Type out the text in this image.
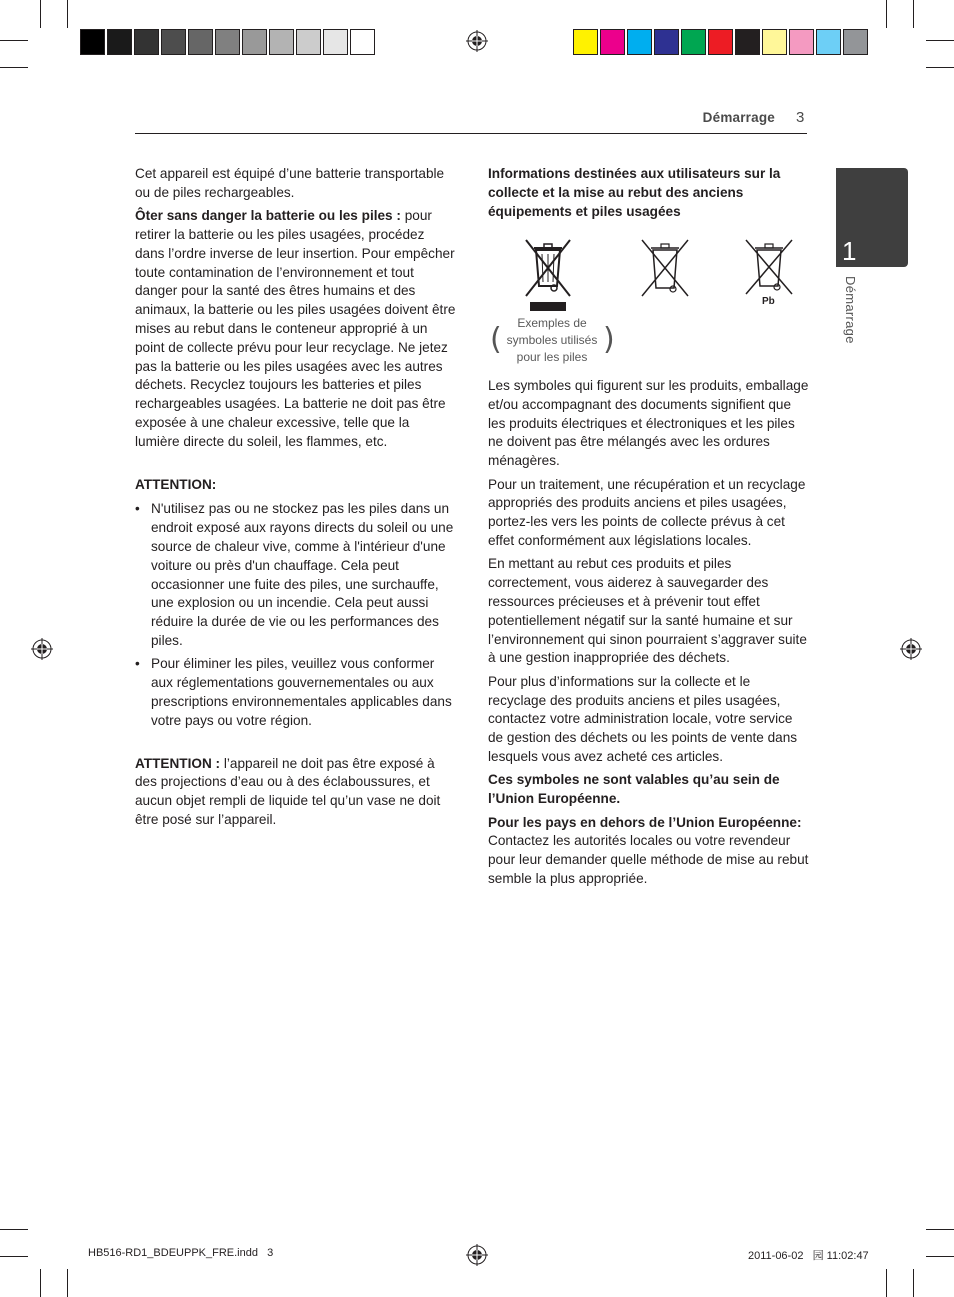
Démarrage 3
1
Démarrage

Cet appareil est équipé d’une batterie transportable ou de piles rechargeables.

Ôter sans danger la batterie ou les piles : pour retirer la batterie ou les piles usagées, procédez dans l’ordre inverse de leur insertion. Pour empêcher toute contamination de l’environnement et tout danger pour la santé des êtres humains et des animaux, la batterie ou les piles usagées doivent être mises au rebut dans le conteneur approprié à un point de collecte prévu pour leur recyclage. Ne jetez pas la batterie ou les piles usagées avec les autres déchets. Recyclez toujours les batteries et piles rechargeables usagées. La batterie ne doit pas être exposée à une chaleur excessive, telle que la lumière directe du soleil, les flammes, etc.

ATTENTION:

• N'utilisez pas ou ne stockez pas les piles dans un endroit exposé aux rayons directs du soleil ou une source de chaleur vive, comme à l'intérieur d'une voiture ou près d'un chauffage. Cela peut occasionner une fuite des piles, une surchauffe, une explosion ou un incendie. Cela peut aussi réduire la durée de vie ou les performances des piles.
• Pour éliminer les piles, veuillez vous conformer aux réglementations gouvernementales ou aux prescriptions environnementales applicables dans votre pays ou votre région.

ATTENTION : l’appareil ne doit pas être exposé à des projections d’eau ou à des éclaboussures, et aucun objet rempli de liquide tel qu’un vase ne doit être posé sur l’appareil.

Informations destinées aux utilisateurs sur la collecte et la mise au rebut des anciens équipements et piles usagées

Pb
(	Exemples de symboles utilisés pour les piles )

Les symboles qui figurent sur les produits, emballage et/ou accompagnant des documents signifient que les produits électriques et électroniques et les piles ne doivent pas être mélangés avec les ordures ménagères.

Pour un traitement, une récupération et un recyclage appropriés des produits anciens et piles usagées, portez-les vers les points de collecte prévus à cet effet conformément aux législations locales.

En mettant au rebut ces produits et piles correctement, vous aiderez à sauvegarder des ressources précieuses et à prévenir tout effet potentiellement négatif sur la santé humaine et sur l’environnement qui sinon pourraient s’aggraver suite à une gestion inappropriée des déchets.

Pour plus d’informations sur la collecte et le recyclage des produits anciens et piles usagées, contactez votre administration locale, votre service de gestion des déchets ou les points de vente dans lesquels vous avez acheté ces articles.

Ces symboles ne sont valables qu’au sein de l’Union Européenne.

Pour les pays en dehors de l’Union Européenne:
Contactez les autorités locales ou votre revendeur pour leur demander quelle méthode de mise au rebut semble la plus appropriée.

HB516-RD1_BDEUPPK_FRE.indd   3	2011-06-02   园 11:02:47
